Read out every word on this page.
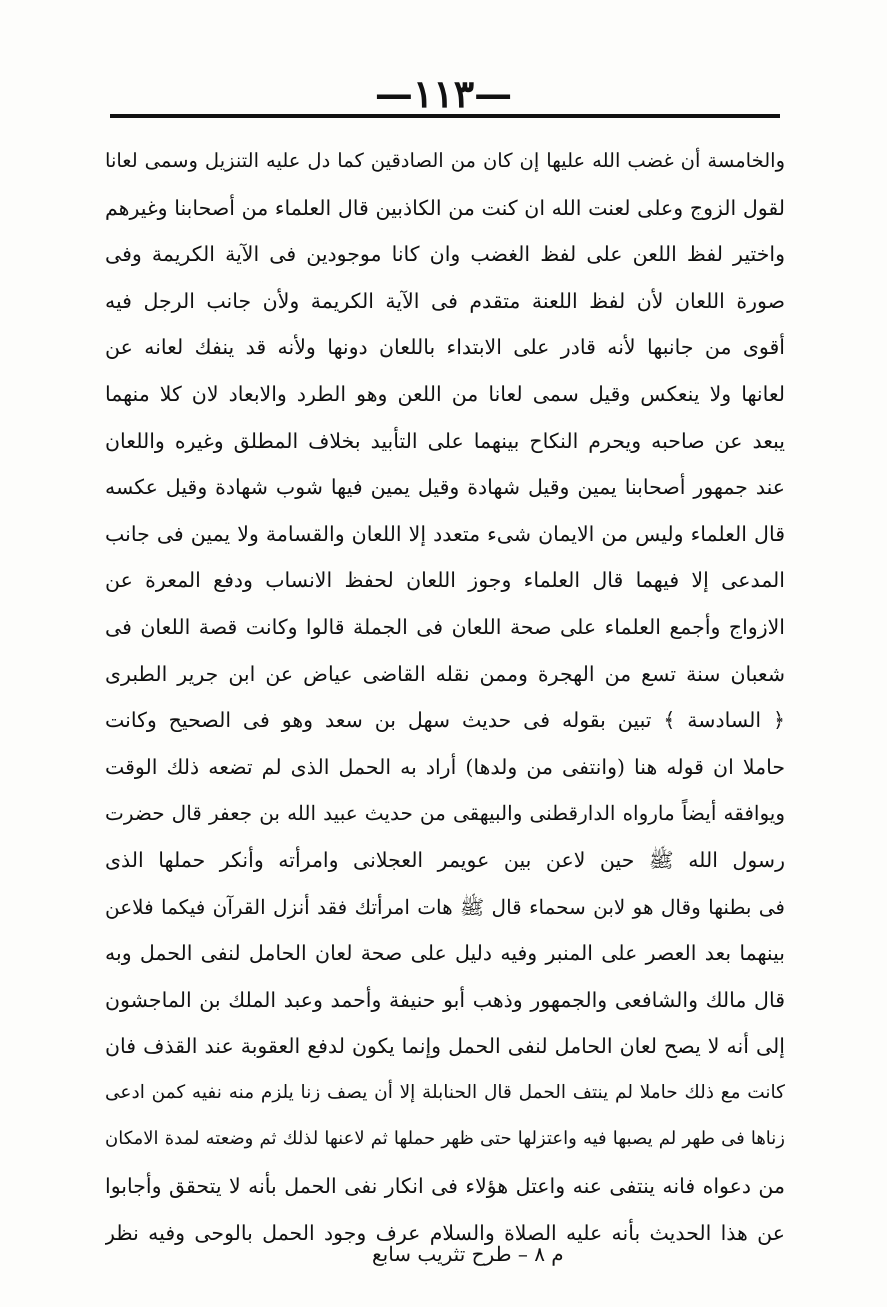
—١١٣—
والخامسة أن غضب الله عليها إن كان من الصادقين كما دل عليه التنزيل وسمى لعانا
لقول الزوج وعلى لعنت الله ان كنت من الكاذبين قال العلماء من أصحابنا وغيرهم
واختير لفظ اللعن على لفظ الغضب وان كانا موجودين فى الآية الكريمة وفى
صورة اللعان لأن لفظ اللعنة متقدم فى الآية الكريمة ولأن جانب الرجل فيه
أقوى من جانبها لأنه قادر على الابتداء باللعان دونها ولأنه قد ينفك لعانه عن
لعانها ولا ينعكس وقيل سمى لعانا من اللعن وهو الطرد والابعاد لان كلا منهما
يبعد عن صاحبه ويحرم النكاح بينهما على التأبيد بخلاف المطلق وغيره واللعان
عند جمهور أصحابنا يمين وقيل شهادة وقيل يمين فيها شوب شهادة وقيل عكسه
قال العلماء وليس من الايمان شىء متعدد إلا اللعان والقسامة ولا يمين فى جانب
المدعى إلا فيهما قال العلماء وجوز اللعان لحفظ الانساب ودفع المعرة عن
الازواج وأجمع العلماء على صحة اللعان فى الجملة قالوا وكانت قصة اللعان فى
شعبان سنة تسع من الهجرة وممن نقله القاضى عياض عن ابن جرير الطبرى
﴿ السادسة ﴾ تبين بقوله فى حديث سهل بن سعد وهو فى الصحيح وكانت
حاملا ان قوله هنا (وانتفى من ولدها) أراد به الحمل الذى لم تضعه ذلك الوقت
ويوافقه أيضاً مارواه الدارقطنى والبيهقى من حديث عبيد الله بن جعفر قال حضرت
رسول الله ﷺ حين لاعن بين عويمر العجلانى وامرأته وأنكر حملها الذى
فى بطنها وقال هو لابن سحماء قال ﷺ هات امرأتك فقد أنزل القرآن فيكما فلاعن
بينهما بعد العصر على المنبر وفيه دليل على صحة لعان الحامل لنفى الحمل وبه
قال مالك والشافعى والجمهور وذهب أبو حنيفة وأحمد وعبد الملك بن الماجشون
إلى أنه لا يصح لعان الحامل لنفى الحمل وإنما يكون لدفع العقوبة عند القذف فان
كانت مع ذلك حاملا لم ينتف الحمل قال الحنابلة إلا أن يصف زنا يلزم منه نفيه كمن ادعى
زناها فى طهر لم يصبها فيه واعتزلها حتى ظهر حملها ثم لاعنها لذلك ثم وضعته لمدة الامكان
من دعواه فانه ينتفى عنه واعتل هؤلاء فى انكار نفى الحمل بأنه لا يتحقق وأجابوا
عن هذا الحديث بأنه عليه الصلاة والسلام عرف وجود الحمل بالوحى وفيه نظر
م ٨ – طرح تثريب سابع
